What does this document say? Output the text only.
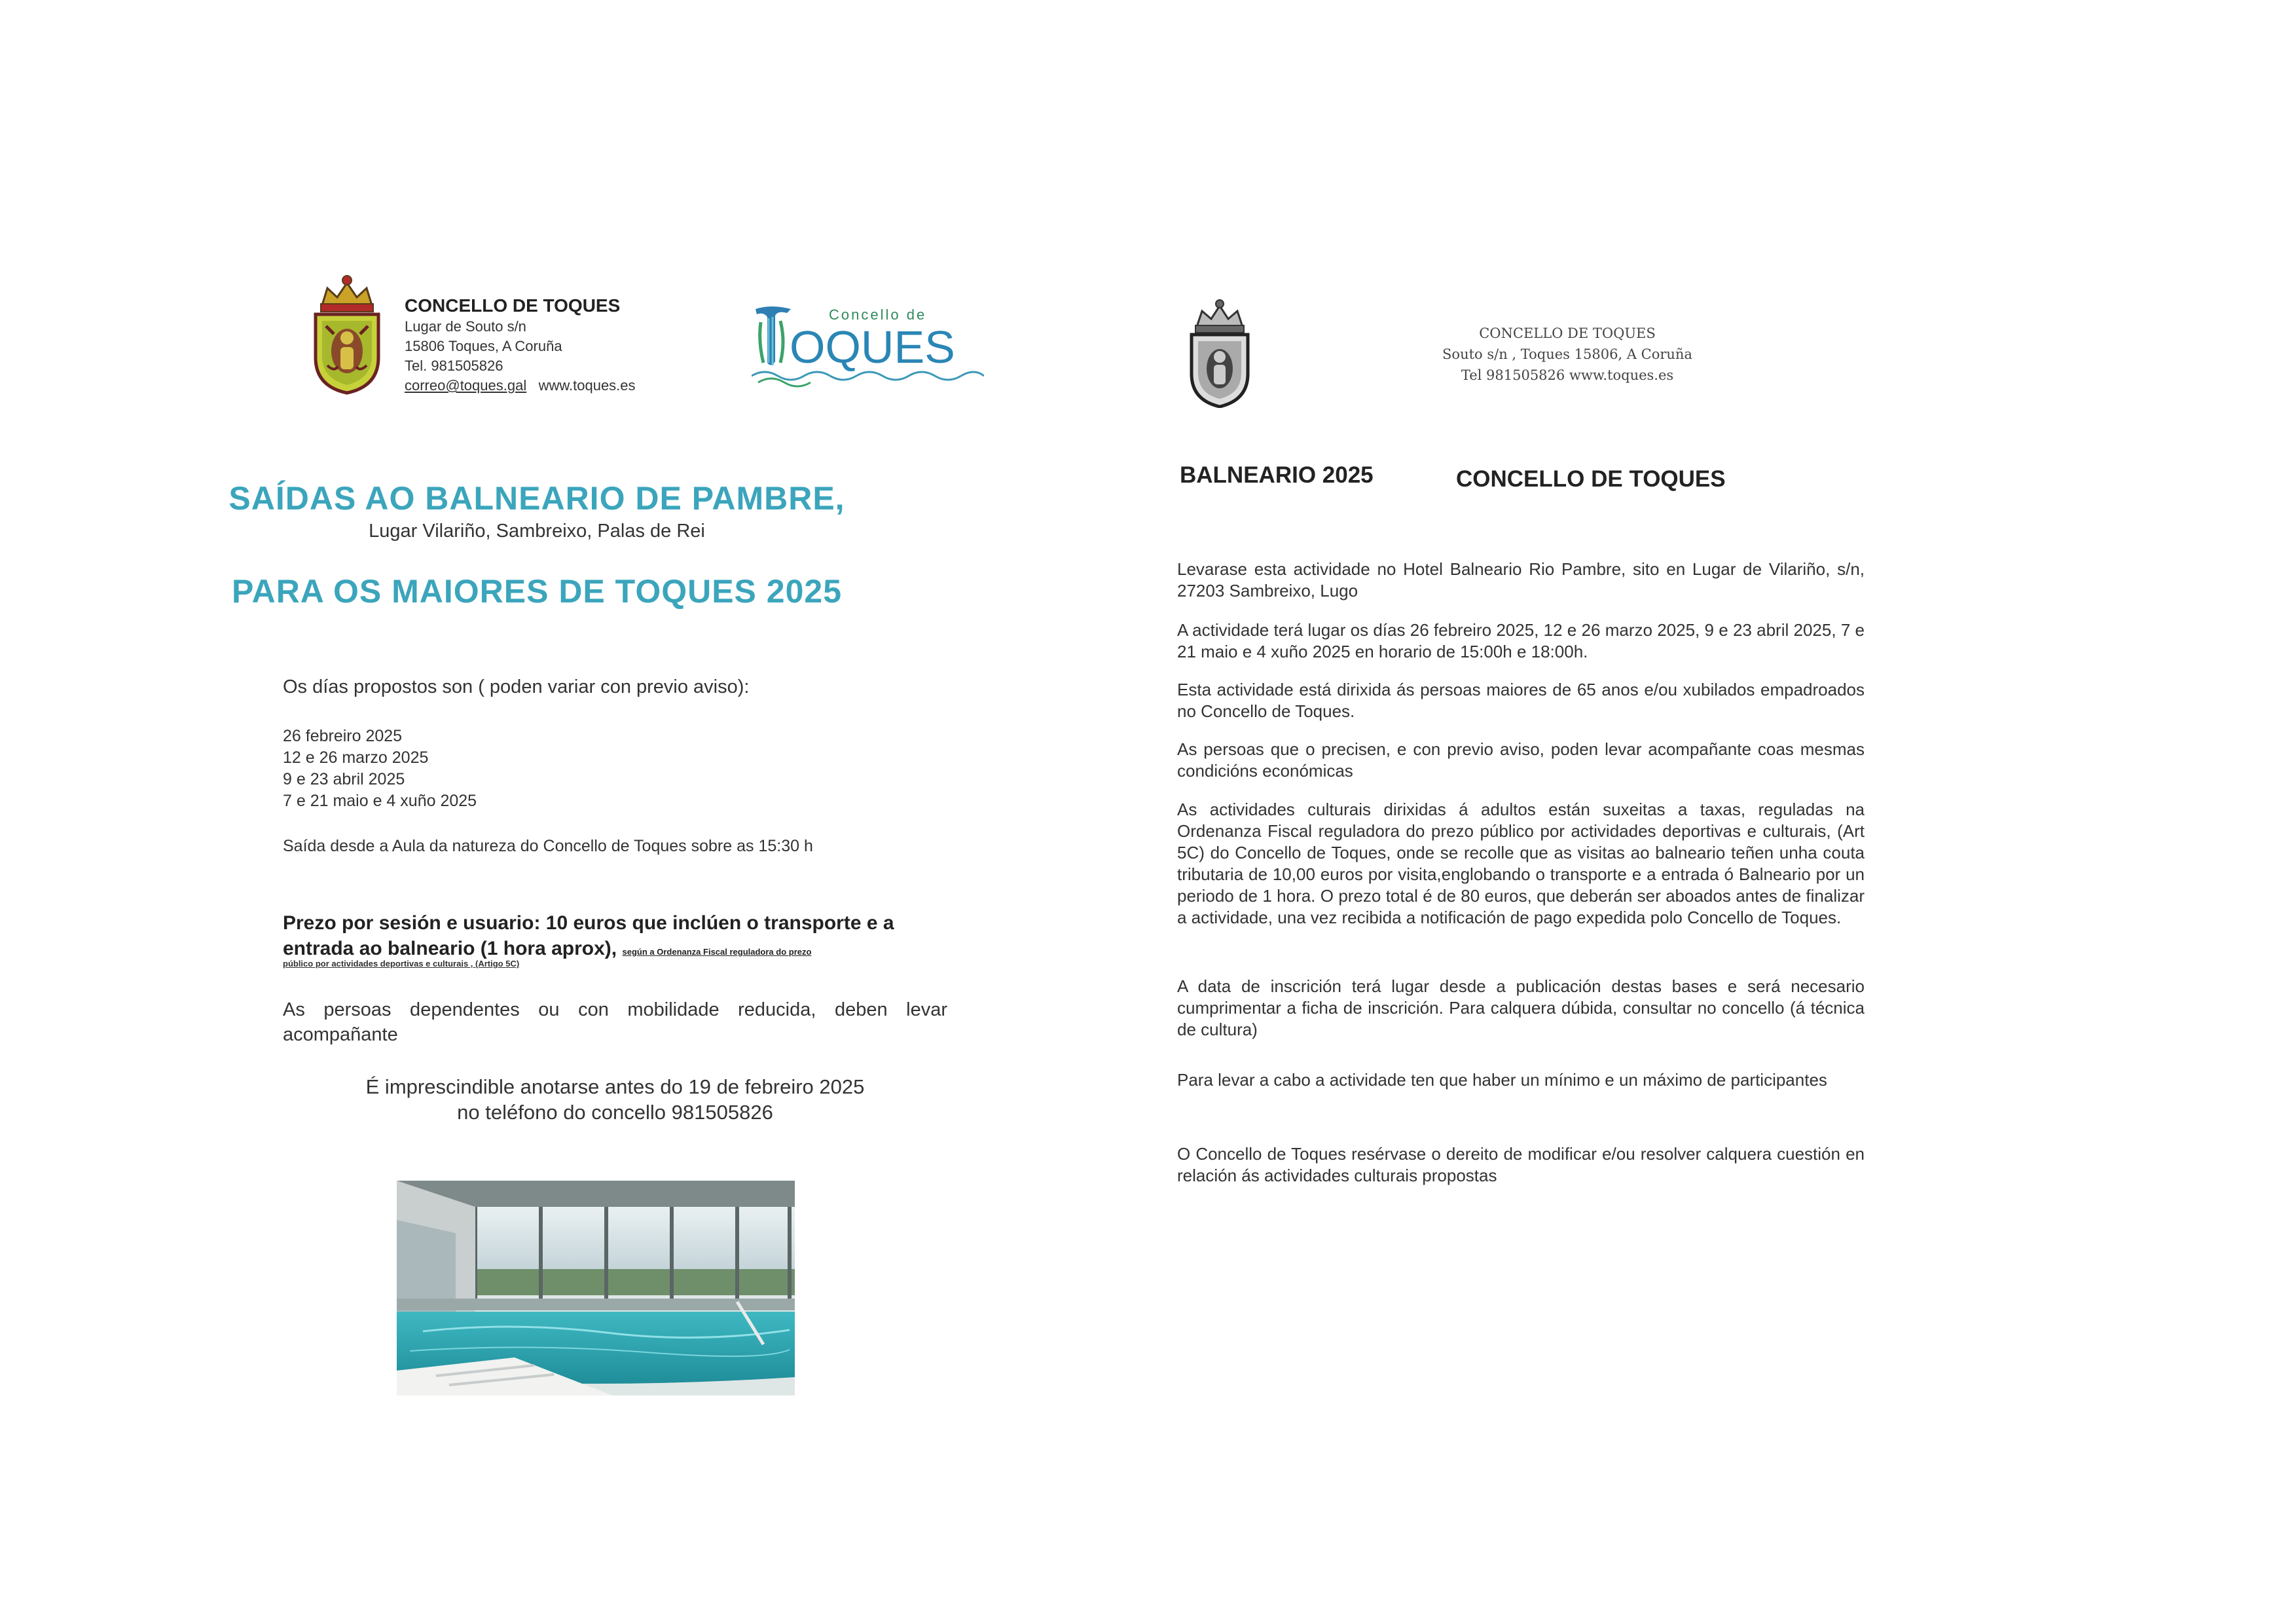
CONCELLO DE TOQUES
Lugar de Souto s/n
15806 Toques, A Coruña
Tel. 981505826
correo@toques.gal www.toques.es
Concello de
OQUES
SAÍDAS AO BALNEARIO DE PAMBRE,
Lugar Vilariño, Sambreixo, Palas de Rei
PARA OS MAIORES DE TOQUES 2025
Os días propostos son ( poden variar con previo aviso):
26 febreiro 2025
12 e 26 marzo 2025
9 e 23 abril 2025
7 e 21 maio e 4 xuño 2025
Saída desde a Aula da natureza do Concello de Toques sobre as 15:30 h
Prezo por sesión e usuario: 10 euros que inclúen o transporte e a entrada ao balneario (1 hora aprox), según a Ordenanza Fiscal reguladora do prezo
público por actividades deportivas e culturais , (Artigo 5C)
As persoas dependentes ou con mobilidade reducida, deben levar acompañante
É imprescindible anotarse antes do 19 de febreiro 2025
no teléfono do concello 981505826
CONCELLO DE TOQUES
Souto s/n , Toques 15806, A Coruña
Tel 981505826 www.toques.es
BALNEARIO 2025	CONCELLO DE TOQUES
Levarase esta actividade no Hotel Balneario Rio Pambre, sito en Lugar de Vilariño, s/n, 27203 Sambreixo, Lugo
A actividade terá lugar os días 26 febreiro 2025, 12 e 26 marzo 2025, 9 e 23 abril 2025, 7 e 21 maio e 4 xuño 2025 en horario de 15:00h e 18:00h.
Esta actividade está dirixida ás persoas maiores de 65 anos e/ou xubilados empadroados no Concello de Toques.
As persoas que o precisen, e con previo aviso, poden levar acompañante coas mesmas condicións económicas
As actividades culturais dirixidas á adultos están suxeitas a taxas, reguladas na Ordenanza Fiscal reguladora do prezo público por actividades deportivas e culturais, (Art 5C) do Concello de Toques, onde se recolle que as visitas ao balneario teñen unha couta tributaria de 10,00 euros por visita,englobando o transporte e a entrada ó Balneario por un periodo de 1 hora. O prezo total é de 80 euros, que deberán ser aboados antes de finalizar a actividade, una vez recibida a notificación de pago expedida polo Concello de Toques.
A data de inscrición terá lugar desde a publicación destas bases e será necesario cumprimentar a ficha de inscrición. Para calquera dúbida, consultar no concello (á técnica de cultura)
Para levar a cabo a actividade ten que haber un mínimo e un máximo de participantes
O Concello de Toques resérvase o dereito de modificar e/ou resolver calquera cuestión en relación ás actividades culturais propostas
